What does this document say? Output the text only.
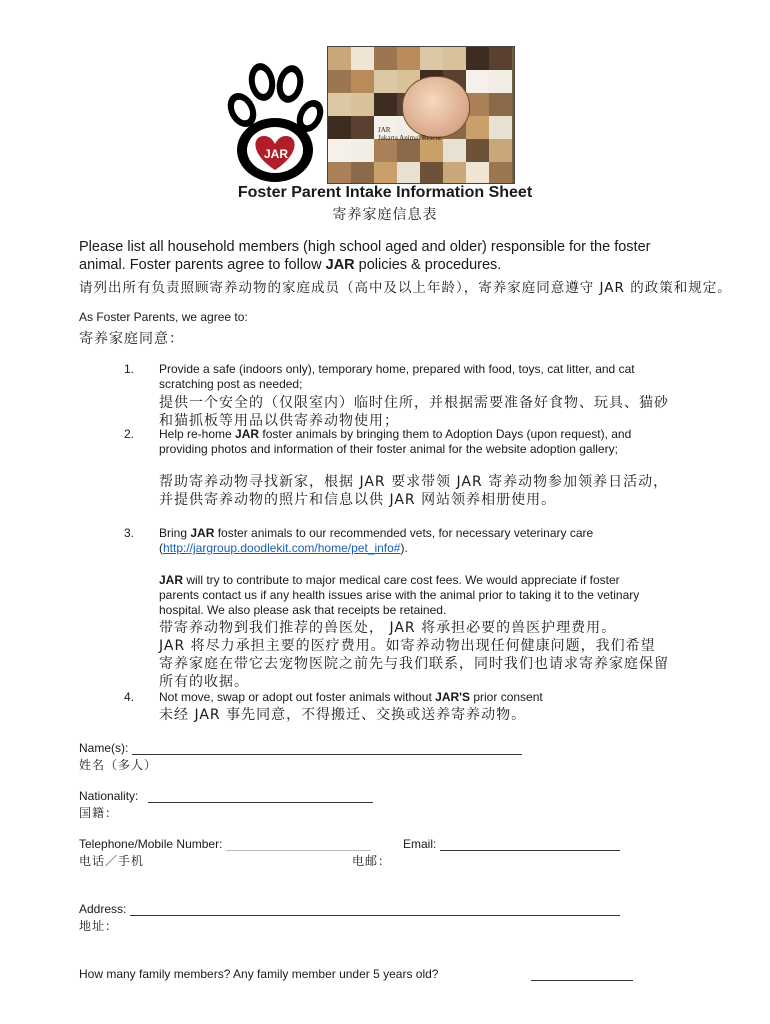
JAR
JAR
Jakarta Animal Rescue
Foster Parent Intake Information Sheet
寄养家庭信息表
Please list all household members (high school aged and older) responsible for the foster animal. Foster parents agree to follow JAR policies & procedures.
请列出所有负责照顾寄养动物的家庭成员（高中及以上年龄），寄养家庭同意遵守 JAR 的政策和规定。
As Foster Parents, we agree to:
寄养家庭同意：
1. Provide a safe (indoors only), temporary home, prepared with food, toys, cat litter, and cat scratching post as needed;
提供一个安全的（仅限室内）临时住所，并根据需要准备好食物、玩具、猫砂和猫抓板等用品以供寄养动物使用；
2. Help re-home JAR foster animals by bringing them to Adoption Days (upon request), and providing photos and information of their foster animal for the website adoption gallery;
帮助寄养动物寻找新家，根据 JAR 要求带领 JAR 寄养动物参加领养日活动，并提供寄养动物的照片和信息以供 JAR 网站领养相册使用。
3. Bring JAR foster animals to our recommended vets, for necessary veterinary care (http://jargroup.doodlekit.com/home/pet_info#).
JAR will try to contribute to major medical care cost fees. We would appreciate if foster parents contact us if any health issues arise with the animal prior to taking it to the vetinary hospital. We also please ask that receipts be retained.
带寄养动物到我们推荐的兽医处， JAR 将承担必要的兽医护理费用。
JAR 将尽力承担主要的医疗费用。如寄养动物出现任何健康问题，我们希望寄养家庭在带它去宠物医院之前先与我们联系，同时我们也请求寄养家庭保留所有的收据。
4. Not move, swap or adopt out foster animals without JAR'S prior consent
未经 JAR 事先同意，不得搬迁、交换或送养寄养动物。
Name(s):
姓名（多人）
Nationality:
国籍：
Telephone/Mobile Number:
电话／手机
Email:
电邮：
Address:
地址：　
How many family members? Any family member under 5 years old?
